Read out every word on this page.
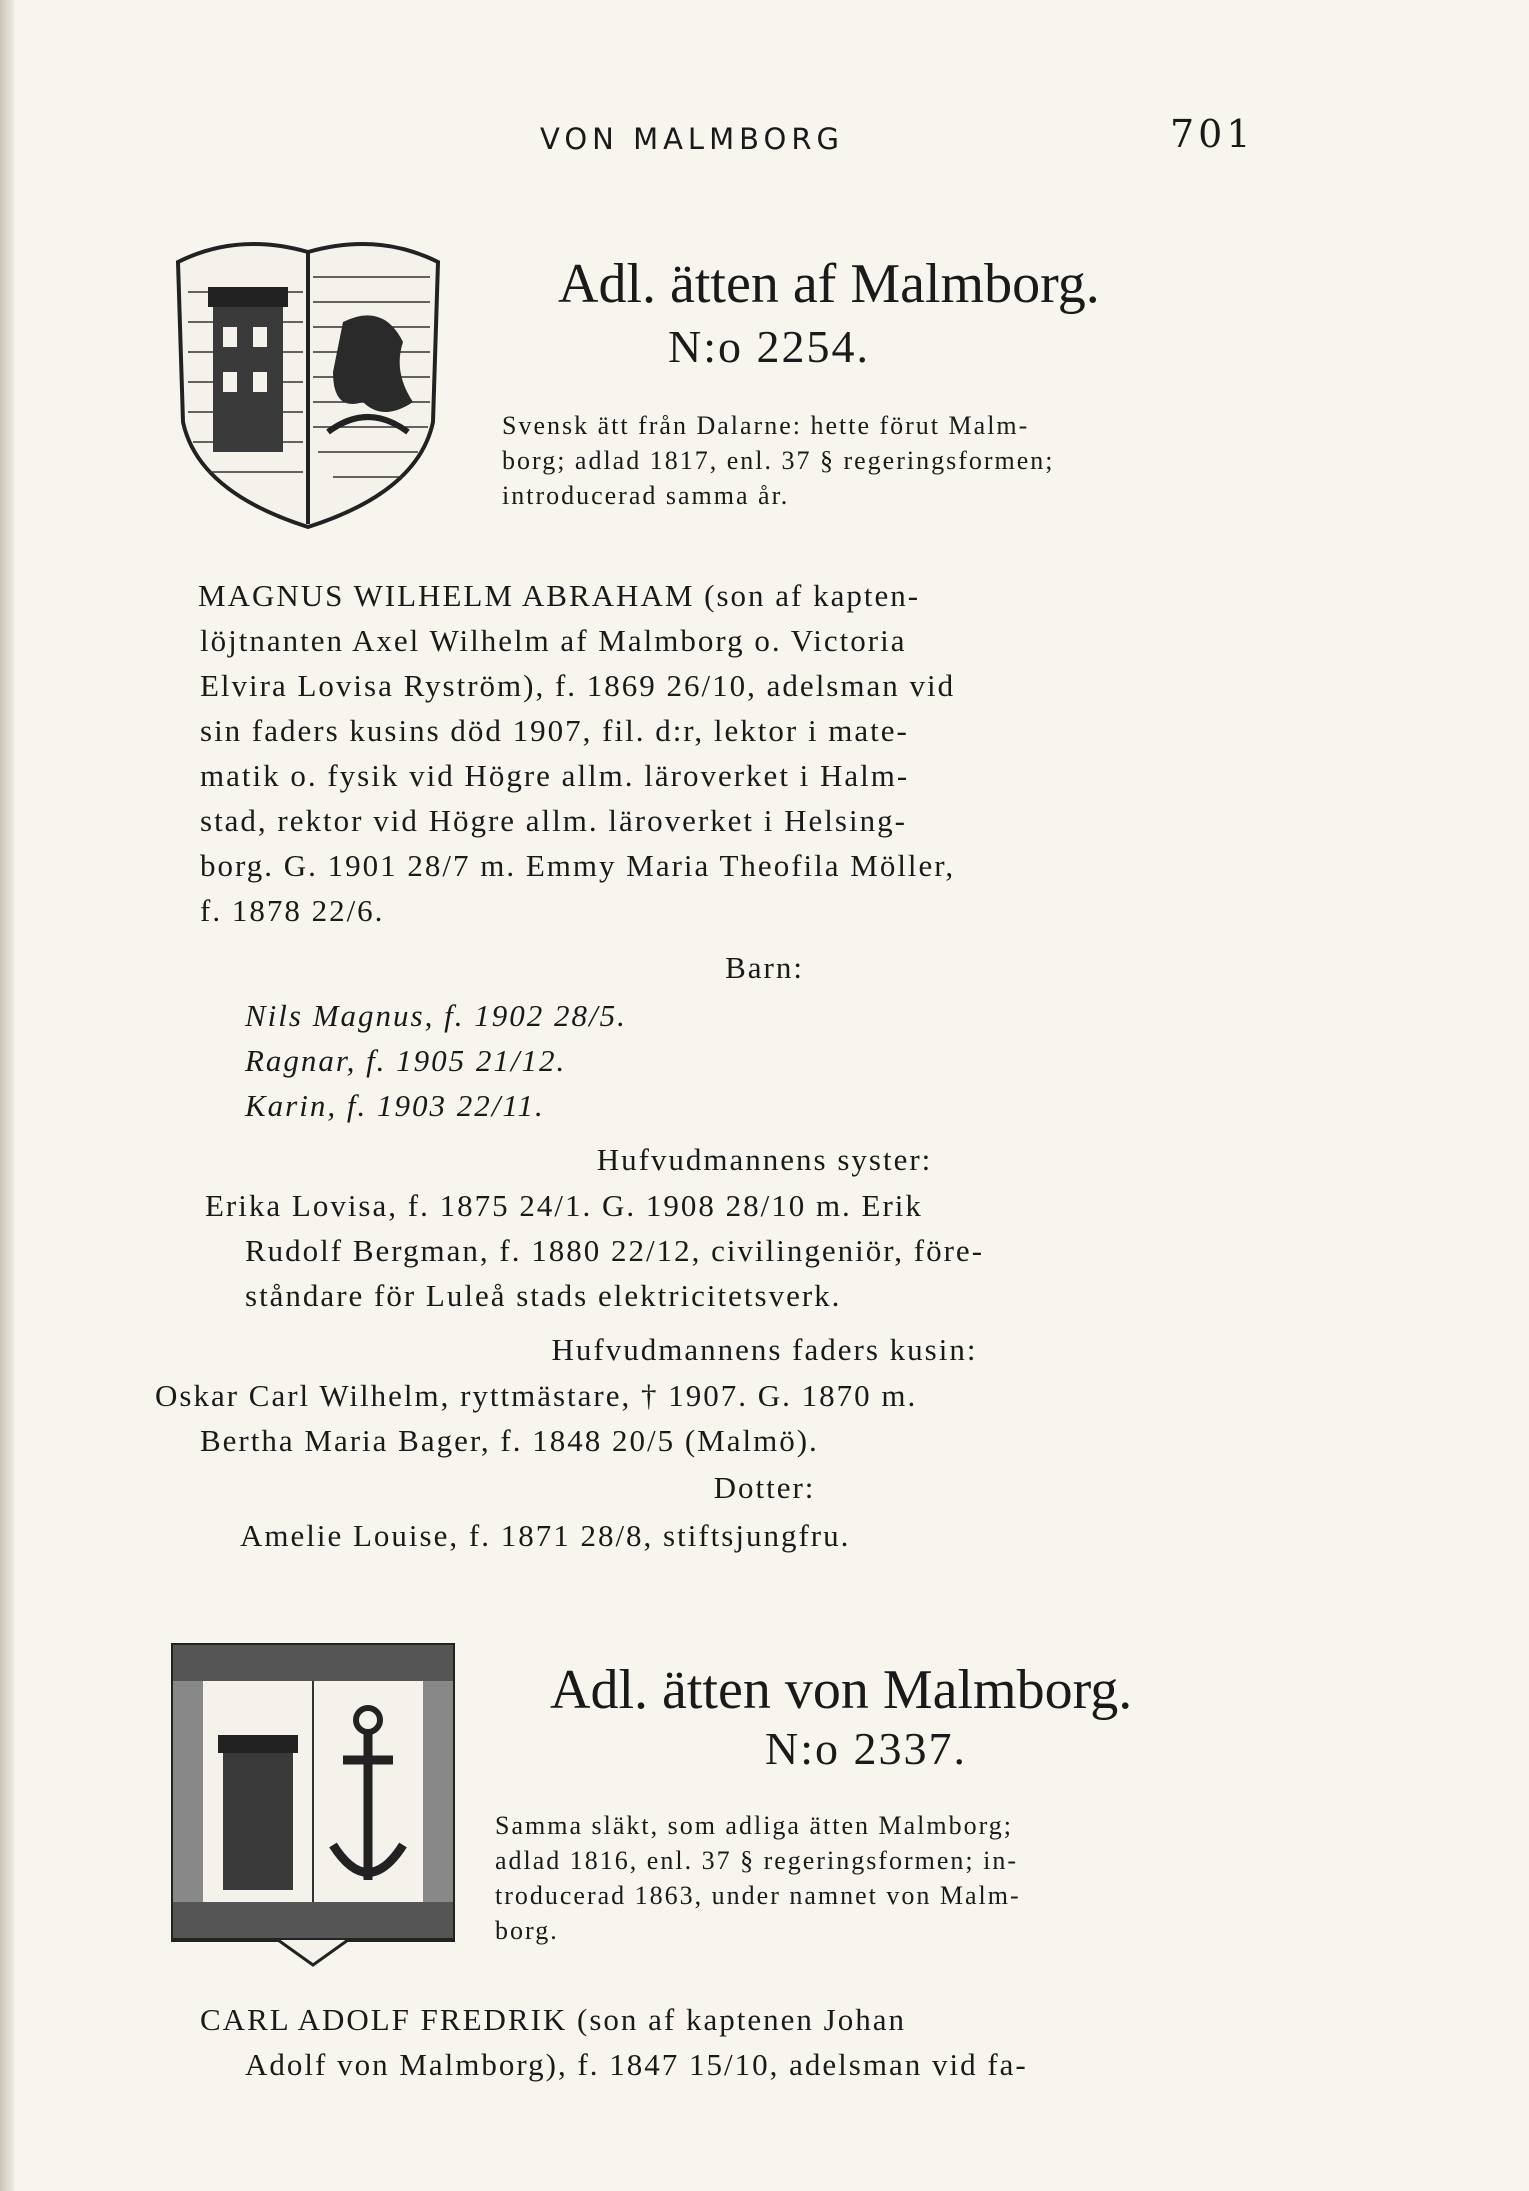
VON MALMBORG	701
Adl. ätten af Malmborg.
N:o 2254.
Svensk ätt från Dalarne: hette förut Malm-
borg; adlad 1817, enl. 37 § regeringsformen;
introducerad samma år.
MAGNUS WILHELM ABRAHAM (son af kapten-
löjtnanten Axel Wilhelm af Malmborg o. Victoria
Elvira Lovisa Ryström), f. 1869 26/10, adelsman vid
sin faders kusins död 1907, fil. d:r, lektor i mate-
matik o. fysik vid Högre allm. läroverket i Halm-
stad, rektor vid Högre allm. läroverket i Helsing-
borg. G. 1901 28/7 m. Emmy Maria Theofila Möller,
f. 1878 22/6.
Barn:
Nils Magnus, f. 1902 28/5.
Ragnar, f. 1905 21/12.
Karin, f. 1903 22/11.
Hufvudmannens syster:
Erika Lovisa, f. 1875 24/1. G. 1908 28/10 m. Erik
Rudolf Bergman, f. 1880 22/12, civilingeniör, före-
ståndare för Luleå stads elektricitetsverk.
Hufvudmannens faders kusin:
Oskar Carl Wilhelm, ryttmästare, † 1907. G. 1870 m.
Bertha Maria Bager, f. 1848 20/5 (Malmö).
Dotter:
Amelie Louise, f. 1871 28/8, stiftsjungfru.
Adl. ätten von Malmborg.
N:o 2337.
Samma släkt, som adliga ätten Malmborg;
adlad 1816, enl. 37 § regeringsformen; in-
troducerad 1863, under namnet von Malm-
borg.
CARL ADOLF FREDRIK (son af kaptenen Johan
Adolf von Malmborg), f. 1847 15/10, adelsman vid fa-
